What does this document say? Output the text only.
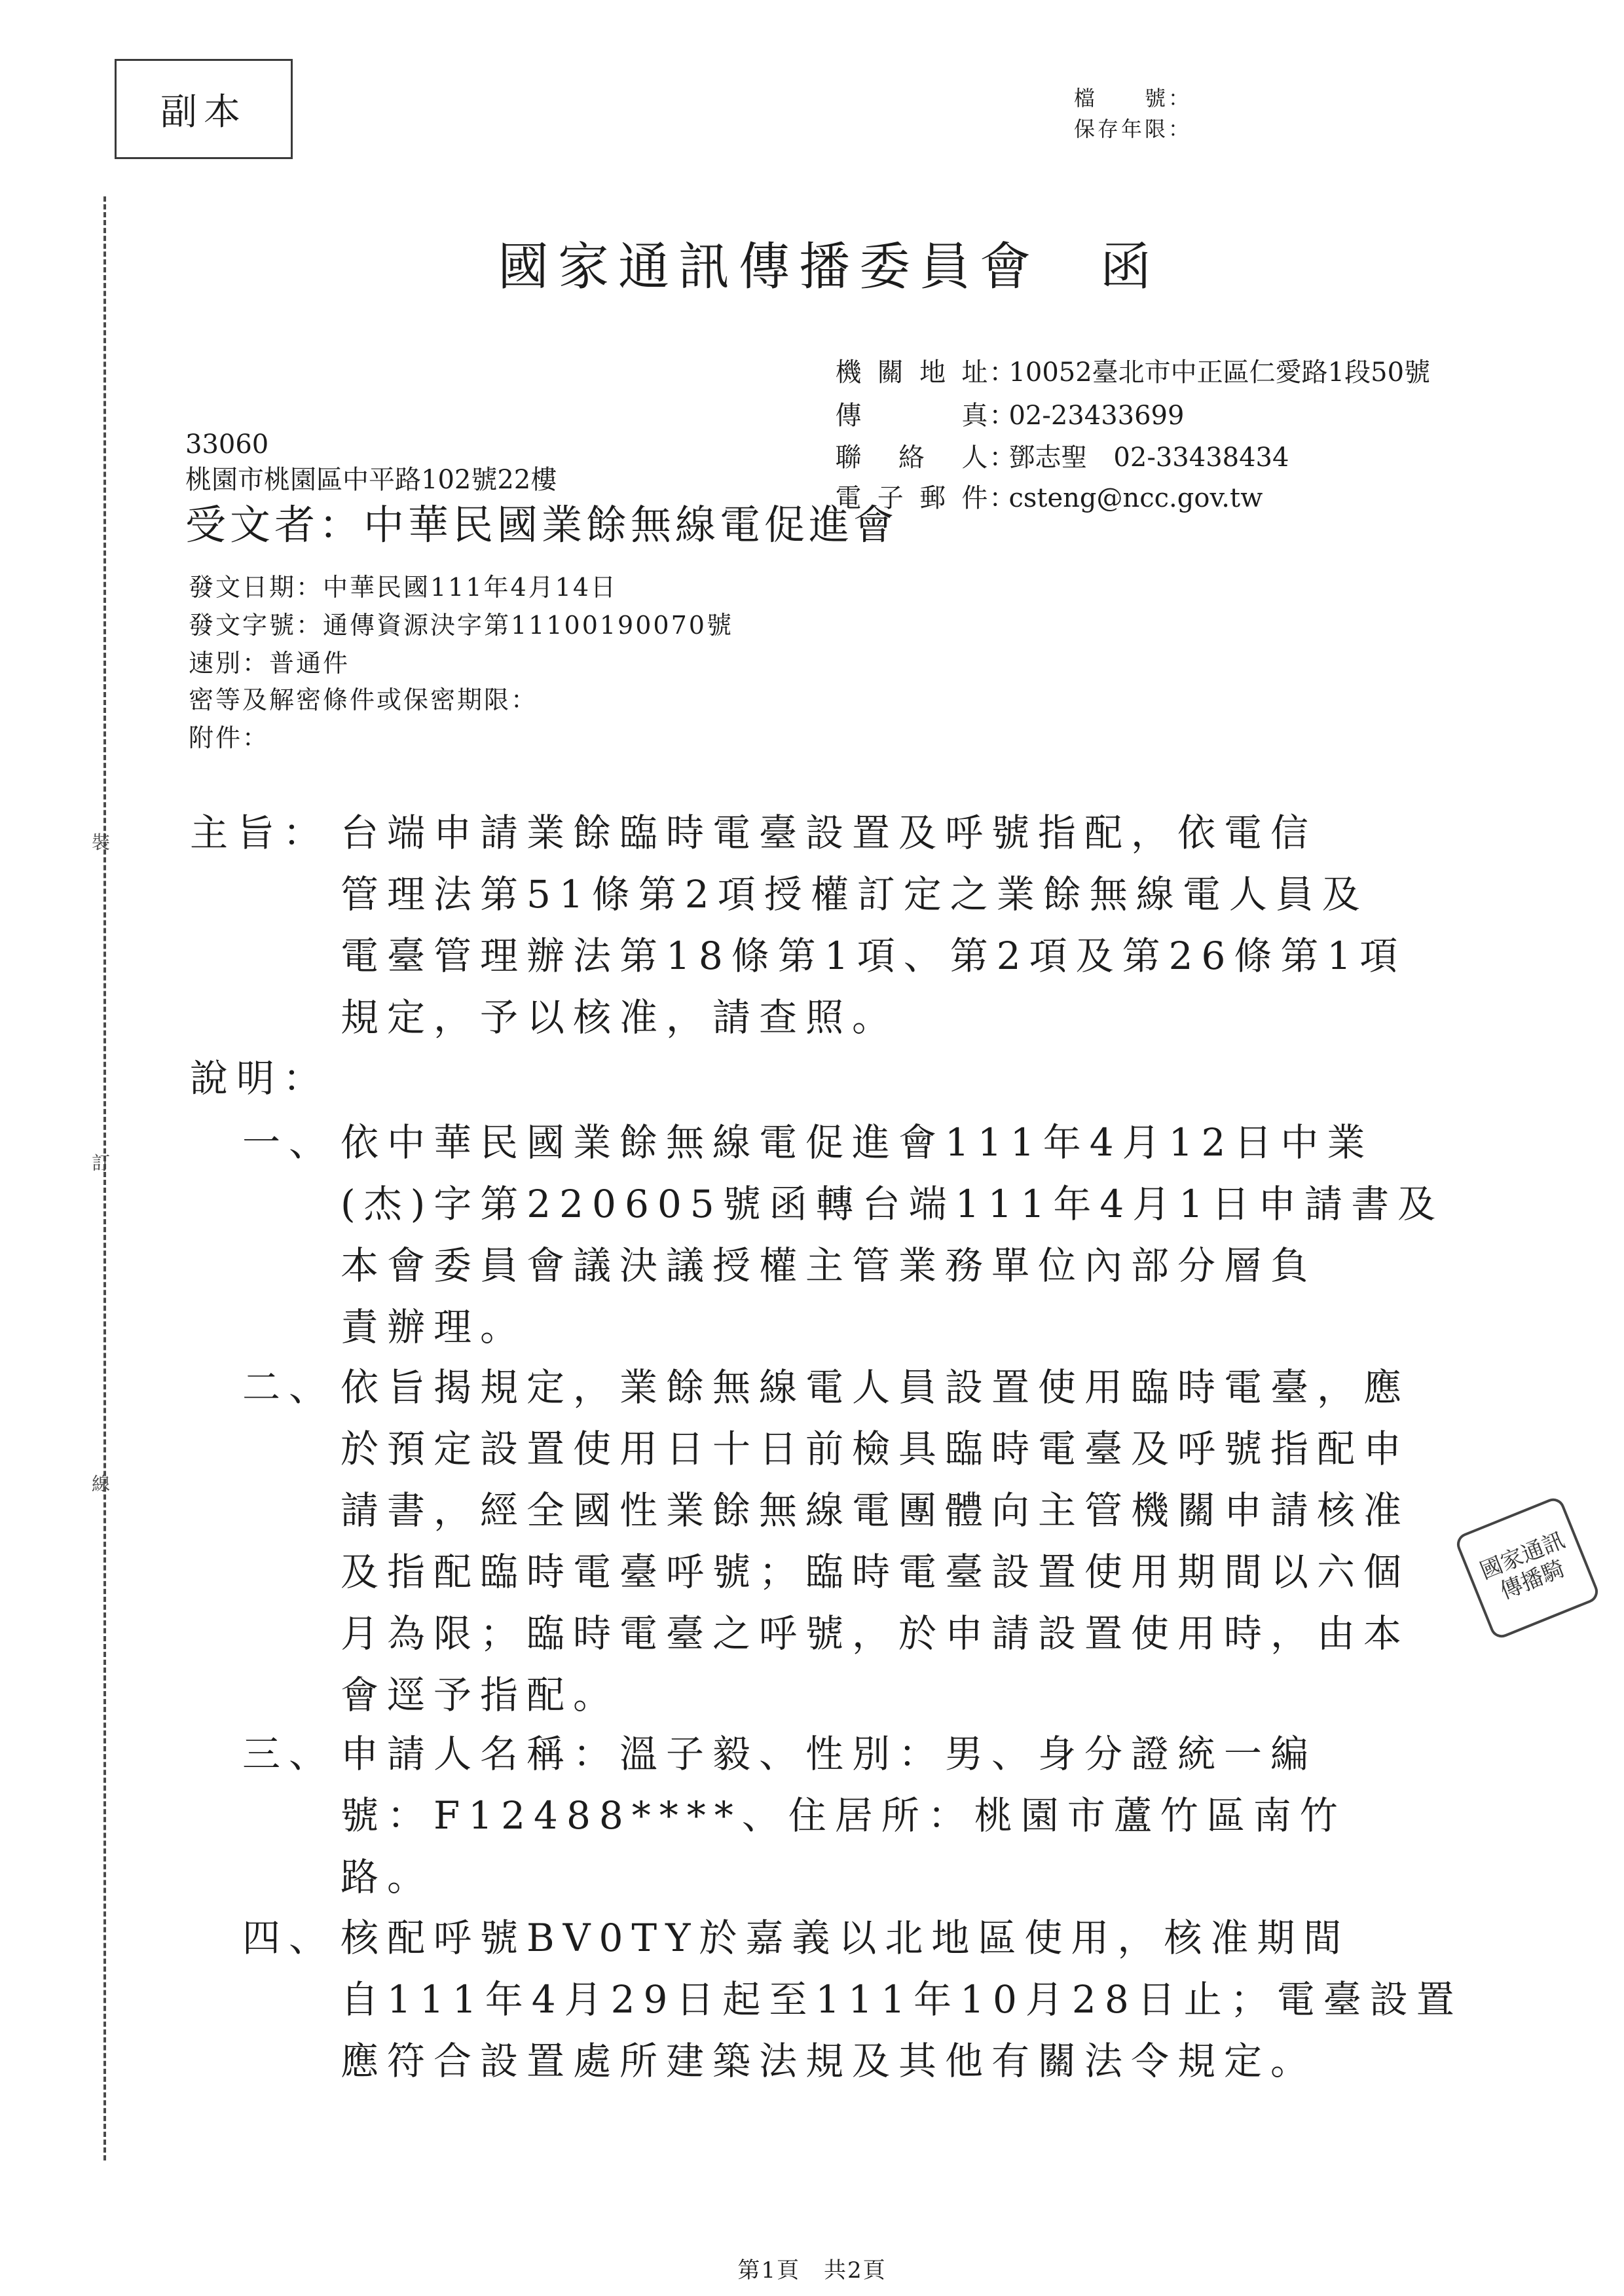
副本	檔　　號：
保存年限：
裝
訂
線
國家通訊傳播委員會　函

機關地址：10052臺北市中正區仁愛路1段50號

傳真：02-23433699

聯絡人：鄧志聖　02-33438434

電子郵件：csteng@ncc.gov.tw

33060
桃園市桃園區中平路102號22樓
受文者：中華民國業餘無線電促進會
發文日期：中華民國111年4月14日
發文字號：通傳資源決字第11100190070號
速別：普通件
密等及解密條件或保密期限：
附件：
主旨： 台端申請業餘臨時電臺設置及呼號指配，依電信
管理法第51條第2項授權訂定之業餘無線電人員及
電臺管理辦法第18條第1項、第2項及第26條第1項
規定，予以核准，請查照。
說明：
一、 依中華民國業餘無線電促進會111年4月12日中業
(杰)字第220605號函轉台端111年4月1日申請書及
本會委員會議決議授權主管業務單位內部分層負
責辦理。
二、 依旨揭規定，業餘無線電人員設置使用臨時電臺，應
於預定設置使用日十日前檢具臨時電臺及呼號指配申
請書，經全國性業餘無線電團體向主管機關申請核准
及指配臨時電臺呼號；臨時電臺設置使用期間以六個
月為限；臨時電臺之呼號，於申請設置使用時，由本
會逕予指配。
三、 申請人名稱：溫子毅、性別：男、身分證統一編
號：F12488****、住居所：桃園市蘆竹區南竹
路。
四、 核配呼號BV0TY於嘉義以北地區使用，核准期間
自111年4月29日起至111年10月28日止；電臺設置
應符合設置處所建築法規及其他有關法令規定。
國家通訊傳播騎
第1頁　共2頁
